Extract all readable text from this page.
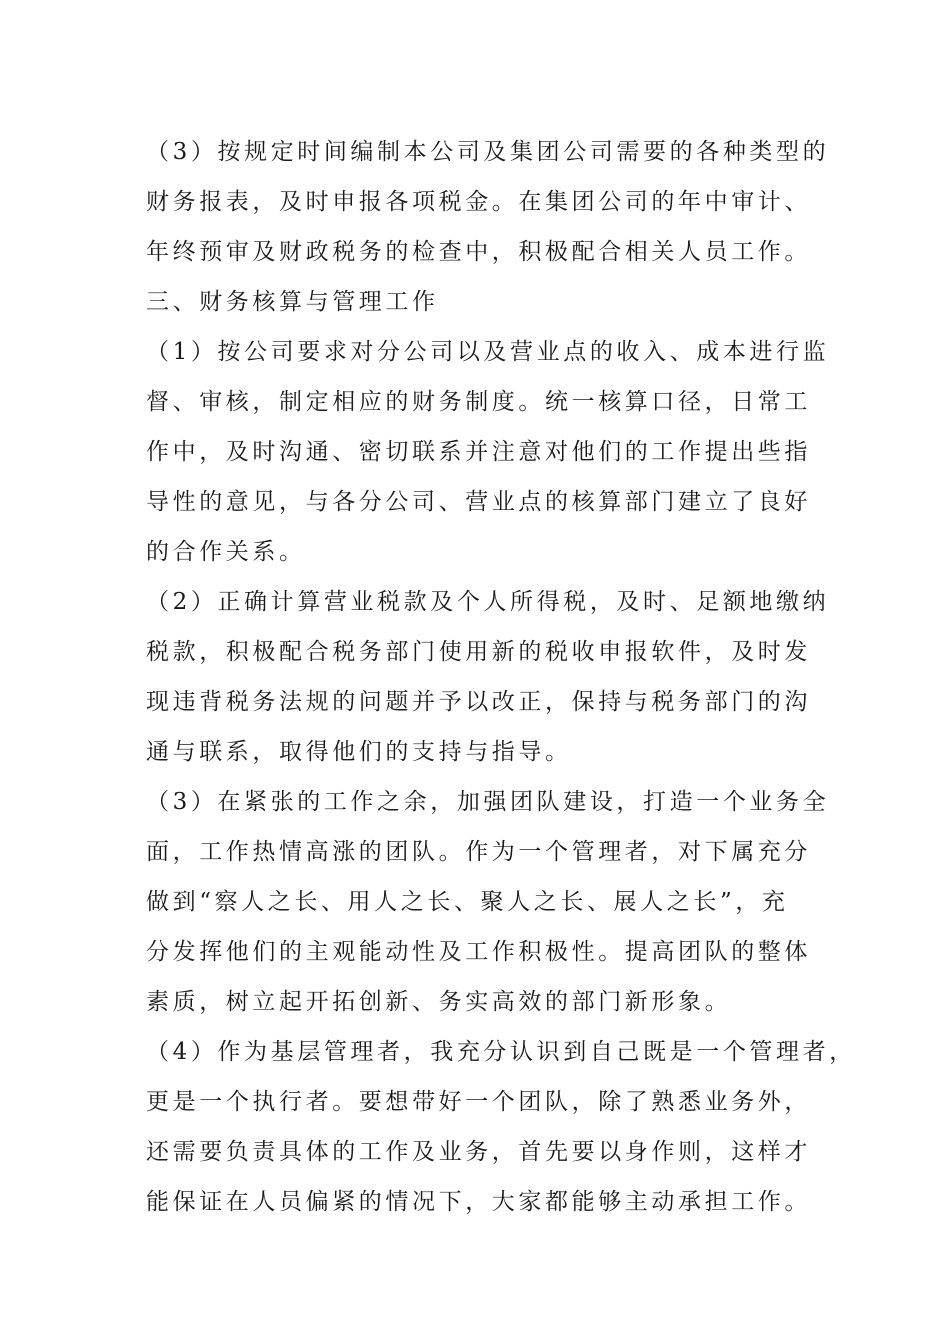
（3）按规定时间编制本公司及集团公司需要的各种类型的
财务报表，及时申报各项税金。在集团公司的年中审计、
年终预审及财政税务的检查中，积极配合相关人员工作。
三、财务核算与管理工作
（1）按公司要求对分公司以及营业点的收入、成本进行监
督、审核，制定相应的财务制度。统一核算口径，日常工
作中，及时沟通、密切联系并注意对他们的工作提出些指
导性的意见，与各分公司、营业点的核算部门建立了良好
的合作关系。
（2）正确计算营业税款及个人所得税，及时、足额地缴纳
税款，积极配合税务部门使用新的税收申报软件，及时发
现违背税务法规的问题并予以改正，保持与税务部门的沟
通与联系，取得他们的支持与指导。
（3）在紧张的工作之余，加强团队建设，打造一个业务全
面，工作热情高涨的团队。作为一个管理者，对下属充分
做到“察人之长、用人之长、聚人之长、展人之长”，充
分发挥他们的主观能动性及工作积极性。提高团队的整体
素质，树立起开拓创新、务实高效的部门新形象。
（4）作为基层管理者，我充分认识到自己既是一个管理者，
更是一个执行者。要想带好一个团队，除了熟悉业务外，
还需要负责具体的工作及业务，首先要以身作则，这样才
能保证在人员偏紧的情况下，大家都能够主动承担工作。
